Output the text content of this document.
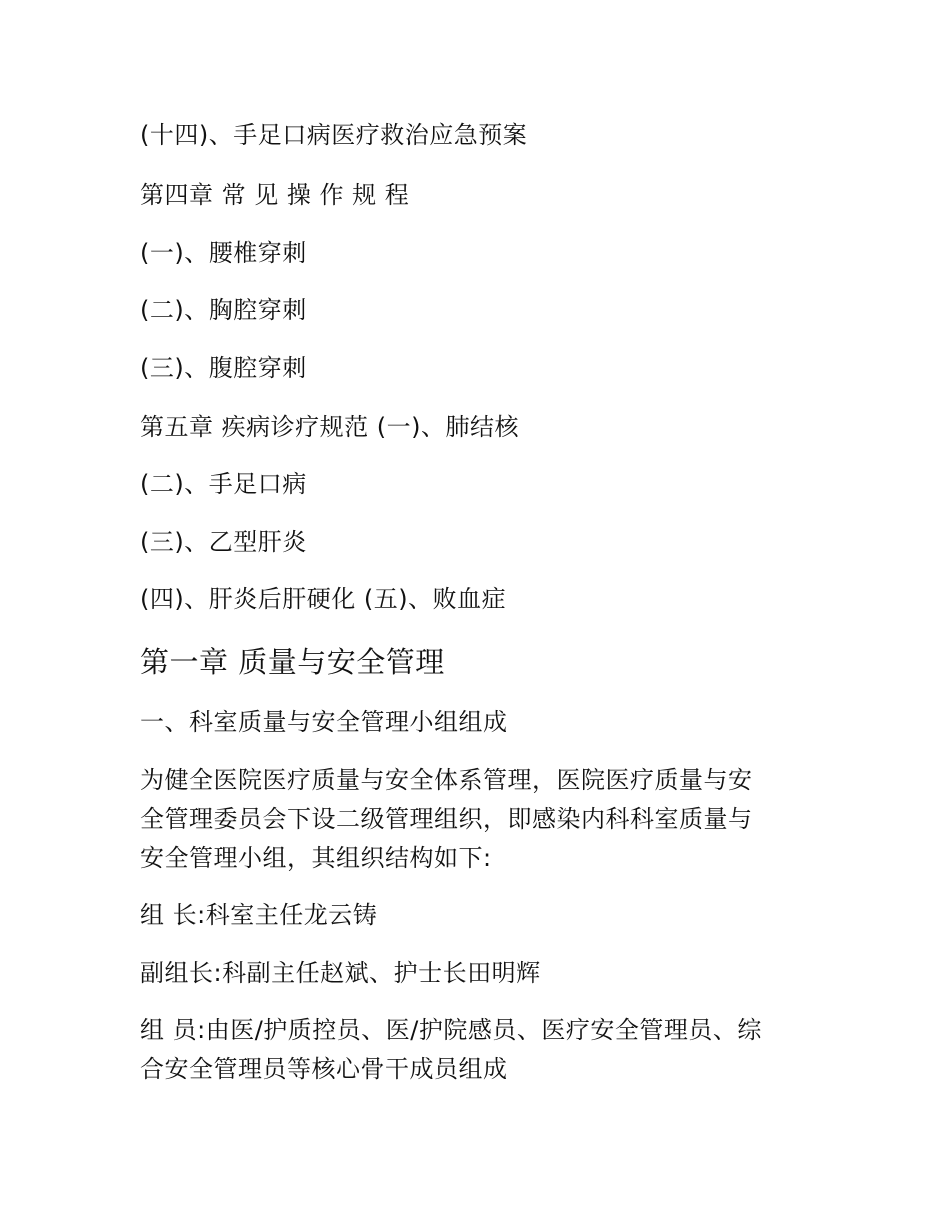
(十四)、手足口病医疗救治应急预案

第四章 常 见 操 作 规 程

(一)、腰椎穿刺

(二)、胸腔穿刺

(三)、腹腔穿刺

第五章 疾病诊疗规范 (一)、肺结核

(二)、手足口病

(三)、乙型肝炎

(四)、肝炎后肝硬化 (五)、败血症

第一章 质量与安全管理

一、科室质量与安全管理小组组成

为健全医院医疗质量与安全体系管理，医院医疗质量与安
全管理委员会下设二级管理组织，即感染内科科室质量与
安全管理小组，其组织结构如下:

组 长:科室主任龙云铸

副组长:科副主任赵斌、护士长田明辉

组 员:由医/护质控员、医/护院感员、医疗安全管理员、综
合安全管理员等核心骨干成员组成
